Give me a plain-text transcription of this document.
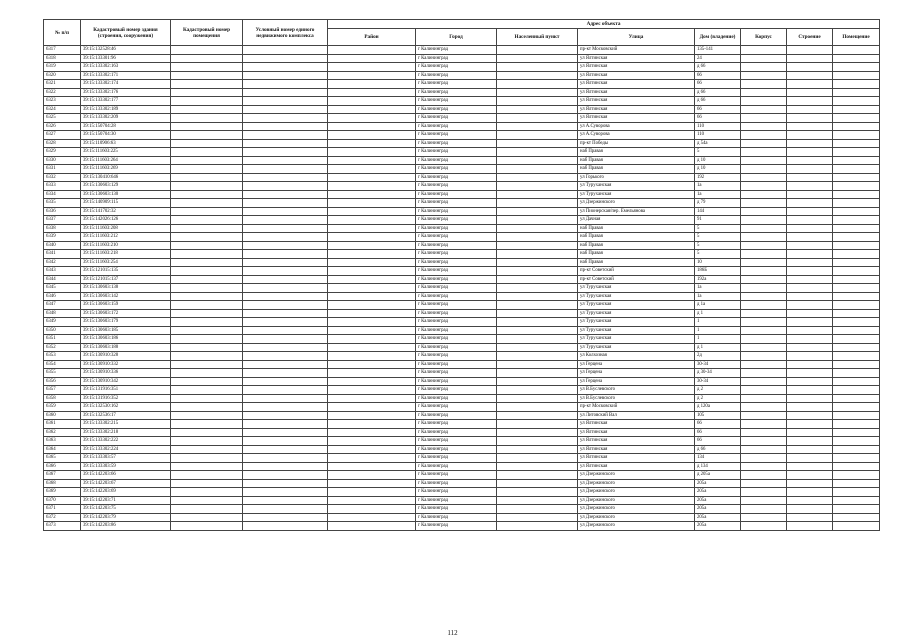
№ п/п	Кадастровый номер здания (строения, сооружения)	Кадастровый номер помещения	Условный номер единого недвижимого комплекса	Адрес объекта							
				Район	Город	Населенный пункт	Улица	Дом (владение)	Корпус	Строение	Помещение
6317	39:15:132528:46				г Калининград		пр-кт Московский	135-141			
6318	39:15:133301:96				г Калининград		ул Ялтинская	24			
6319	39:15:133302:163				г Калининград		ул Ялтинская	д 66			
6320	39:15:133302:171				г Калининград		ул Ялтинская	66			
6321	39:15:133302:174				г Калининград		ул Ялтинская	66			
6322	39:15:133302:176				г Калининград		ул Ялтинская	д 66			
6323	39:15:133302:177				г Калининград		ул Ялтинская	д 66			
6324	39:15:133302:189				г Калининград		ул Ялтинская	66			
6325	39:15:133302:209				г Калининград		ул Ялтинская	66			
6326	39:15:150704:28				г Калининград		ул А.Суворова	110			
6327	39:15:150704:30				г Калининград		ул А.Суворова	110			
6328	39:15:110906:63				г Калининград		пр-кт Победы	д 54а			
6329	39:15:111603:225				г Калининград		наб Правая	5			
6330	39:15:111603:264				г Калининград		наб Правая	д 10			
6331	39:15:111603:269				г Калининград		наб Правая	д 10			
6332	39:15:130410:646				г Калининград		ул Горького	192			
6333	39:15:130603:129				г Калининград		ул Туруханская	1а			
6334	39:15:130603:130				г Калининград		ул Туруханская	1а			
6335	39:15:140909:115				г Калининград		ул Дзержинского	д 79			
6336	39:15:141702:32				г Калининград		ул Пионерская/пер. Емельянова	144			
6337	39:15:142026:126				г Калининград		ул Дачная	91			
6338	39:15:111603:208				г Калининград		наб Правая	5			
6339	39:15:111603:212				г Калининград		наб Правая	5			
6340	39:15:111603:210				г Калининград		наб Правая	5			
6341	39:15:111603:218				г Калининград		наб Правая	5			
6342	39:15:111603:254				г Калининград		наб Правая	10			
6343	39:15:121015:135				г Калининград		пр-кт Советский	186Б			
6344	39:15:121015:137				г Калининград		пр-кт Советский	192а			
6345	39:15:130603:138				г Калининград		ул Туруханская	1а			
6346	39:15:130603:142				г Калининград		ул Туруханская	1а			
6347	39:15:130603:159				г Калининград		ул Туруханская	д 1а			
6348	39:15:130603:172				г Калининград		ул Туруханская	д 1			
6349	39:15:130603:179				г Калининград		ул Туруханская	1			
6350	39:15:130603:185				г Калининград		ул Туруханская	1			
6351	39:15:130603:186				г Калининград		ул Туруханская	1			
6352	39:15:130603:188				г Калининград		ул Туруханская	д 1			
6353	39:15:130910:328				г Калининград		ул Колхозная	2д			
6354	39:15:130910:332				г Калининград		ул Герцена	30-34			
6355	39:15:130910:336				г Калининград		ул Герцена	д 30-34			
6356	39:15:130910:342				г Калининград		ул Герцена	30-34			
6357	39:15:131916:351				г Калининград		ул В.Буслевского	д 2			
6358	39:15:131916:352				г Калининград		ул В.Буслевского	д 2			
6359	39:15:132530:162				г Калининград		пр-кт Московский	д 120а			
6360	39:15:132536:17				г Калининград		ул Литовский Вал	105			
6361	39:15:133302:215				г Калининград		ул Ялтинская	66			
6362	39:15:133302:218				г Калининград		ул Ялтинская	66			
6363	39:15:133302:222				г Калининград		ул Ялтинская	66			
6364	39:15:133302:224				г Калининград		ул Ялтинская	д 66			
6365	39:15:133303:57				г Калининград		ул Ялтинская	134			
6366	39:15:133303:59				г Калининград		ул Ялтинская	д 134			
6367	39:15:142203:66				г Калининград		ул Дзержинского	д 205а			
6368	39:15:142203:67				г Калининград		ул Дзержинского	205а			
6369	39:15:142203:69				г Калининград		ул Дзержинского	205а			
6370	39:15:142203:71				г Калининград		ул Дзержинского	205а			
6371	39:15:142203:75				г Калининград		ул Дзержинского	205а			
6372	39:15:142203:79				г Калининград		ул Дзержинского	205а			
6373	39:15:142203:86				г Калининград		ул Дзержинского	205а			
112
